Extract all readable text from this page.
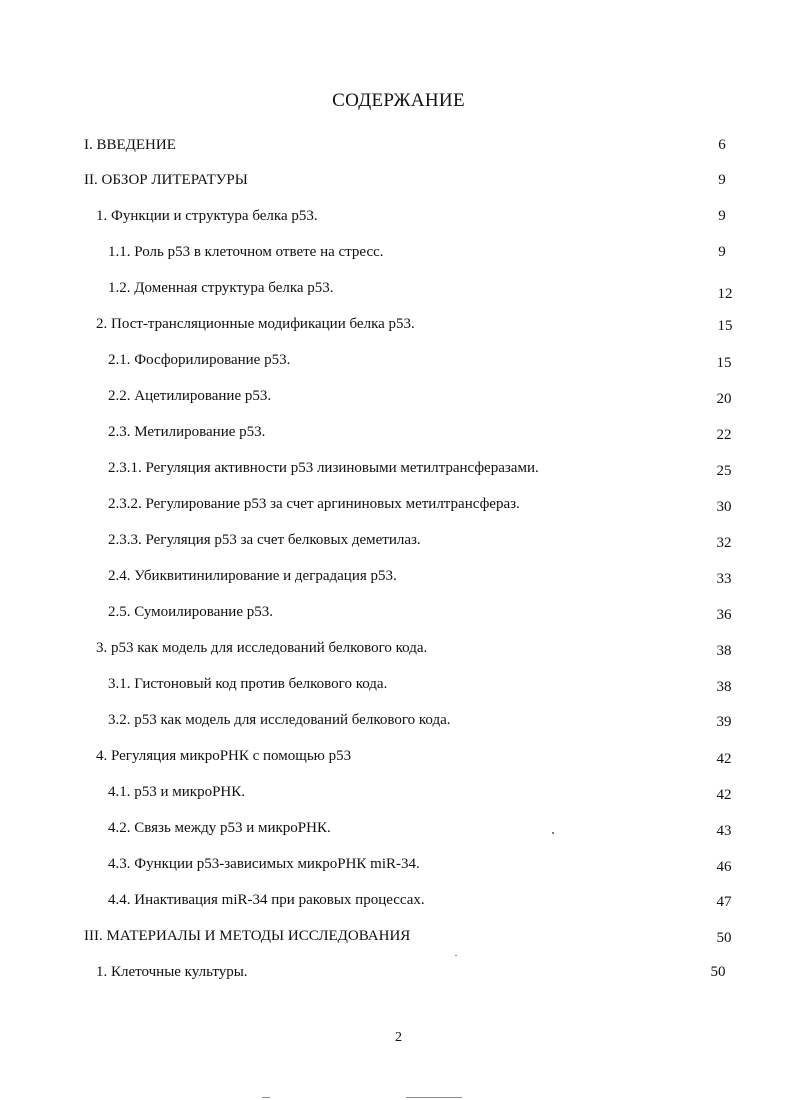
СОДЕРЖАНИЕ
I. ВВЕДЕНИЕ	6
II. ОБЗОР ЛИТЕРАТУРЫ	9
1. Функции и структура белка p53.	9
1.1. Роль p53 в клеточном ответе на стресс.	9
1.2. Доменная структура белка p53.	12
2. Пост-трансляционные модификации белка p53.	15
2.1. Фосфорилирование p53.	15
2.2. Ацетилирование p53.	20
2.3. Метилирование p53.	22
2.3.1. Регуляция активности p53 лизиновыми метилтрансферазами.	25
2.3.2. Регулирование p53 за счет аргининовых метилтрансфераз.	30
2.3.3. Регуляция p53 за счет белковых деметилаз.	32
2.4. Убиквитинилирование и деградация p53.	33
2.5. Сумоилирование p53.	36
3. p53 как модель для исследований белкового кода.	38
3.1. Гистоновый код против белкового кода.	38
3.2. p53 как модель для исследований белкового кода.	39
4. Регуляция микроРНК с помощью p53	42
4.1. p53 и микроРНК.	42
4.2. Связь между p53 и микроРНК.	43
4.3. Функции p53-зависимых микроРНК miR-34.	46
4.4. Инактивация miR-34 при раковых процессах.	47
III. МАТЕРИАЛЫ И МЕТОДЫ ИССЛЕДОВАНИЯ	50
1. Клеточные культуры.	50
2
